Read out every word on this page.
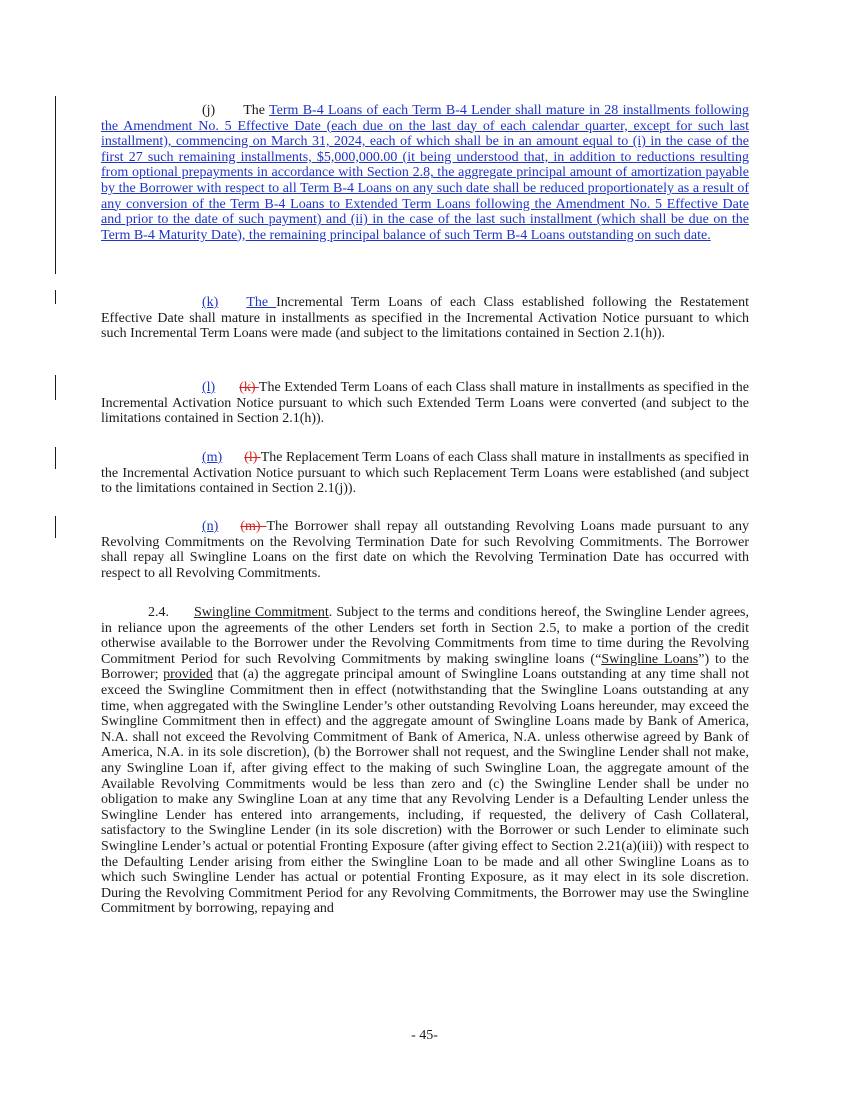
(j) The Term B-4 Loans of each Term B-4 Lender shall mature in 28 installments following the Amendment No. 5 Effective Date (each due on the last day of each calendar quarter, except for such last installment), commencing on March 31, 2024, each of which shall be in an amount equal to (i) in the case of the first 27 such remaining installments, $5,000,000.00 (it being understood that, in addition to reductions resulting from optional prepayments in accordance with Section 2.8, the aggregate principal amount of amortization payable by the Borrower with respect to all Term B-4 Loans on any such date shall be reduced proportionately as a result of any conversion of the Term B-4 Loans to Extended Term Loans following the Amendment No. 5 Effective Date and prior to the date of such payment) and (ii) in the case of the last such installment (which shall be due on the Term B-4 Maturity Date), the remaining principal balance of such Term B-4 Loans outstanding on such date.

(k) The Incremental Term Loans of each Class established following the Restatement Effective Date shall mature in installments as specified in the Incremental Activation Notice pursuant to which such Incremental Term Loans were made (and subject to the limitations contained in Section 2.1(h)).

(l) (k) The Extended Term Loans of each Class shall mature in installments as specified in the Incremental Activation Notice pursuant to which such Extended Term Loans were converted (and subject to the limitations contained in Section 2.1(h)).

(m) (l) The Replacement Term Loans of each Class shall mature in installments as specified in the Incremental Activation Notice pursuant to which such Replacement Term Loans were established (and subject to the limitations contained in Section 2.1(j)).

(n) (m) The Borrower shall repay all outstanding Revolving Loans made pursuant to any Revolving Commitments on the Revolving Termination Date for such Revolving Commitments. The Borrower shall repay all Swingline Loans on the first date on which the Revolving Termination Date has occurred with respect to all Revolving Commitments.

2.4. Swingline Commitment. Subject to the terms and conditions hereof, the Swingline Lender agrees, in reliance upon the agreements of the other Lenders set forth in Section 2.5, to make a portion of the credit otherwise available to the Borrower under the Revolving Commitments from time to time during the Revolving Commitment Period for such Revolving Commitments by making swingline loans (“Swingline Loans”) to the Borrower; provided that (a) the aggregate principal amount of Swingline Loans outstanding at any time shall not exceed the Swingline Commitment then in effect (notwithstanding that the Swingline Loans outstanding at any time, when aggregated with the Swingline Lender’s other outstanding Revolving Loans hereunder, may exceed the Swingline Commitment then in effect) and the aggregate amount of Swingline Loans made by Bank of America, N.A. shall not exceed the Revolving Commitment of Bank of America, N.A. unless otherwise agreed by Bank of America, N.A. in its sole discretion), (b) the Borrower shall not request, and the Swingline Lender shall not make, any Swingline Loan if, after giving effect to the making of such Swingline Loan, the aggregate amount of the Available Revolving Commitments would be less than zero and (c) the Swingline Lender shall be under no obligation to make any Swingline Loan at any time that any Revolving Lender is a Defaulting Lender unless the Swingline Lender has entered into arrangements, including, if requested, the delivery of Cash Collateral, satisfactory to the Swingline Lender (in its sole discretion) with the Borrower or such Lender to eliminate such Swingline Lender’s actual or potential Fronting Exposure (after giving effect to Section 2.21(a)(iii)) with respect to the Defaulting Lender arising from either the Swingline Loan to be made and all other Swingline Loans as to which such Swingline Lender has actual or potential Fronting Exposure, as it may elect in its sole discretion. During the Revolving Commitment Period for any Revolving Commitments, the Borrower may use the Swingline Commitment by borrowing, repaying and

- 45-
